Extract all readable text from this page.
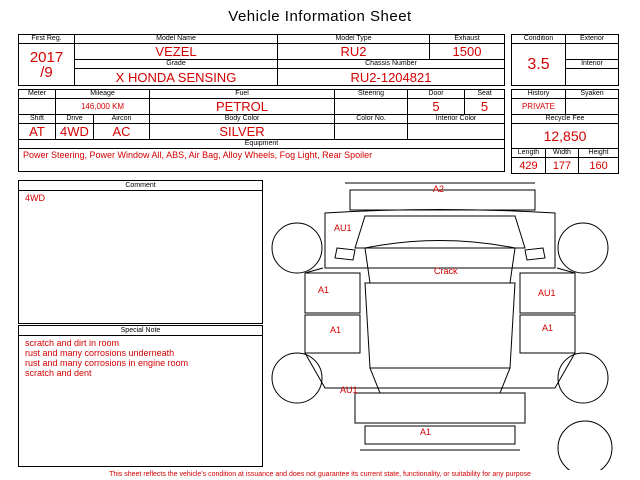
Vehicle Information Sheet
First Reg.	Model Name	Model Type	Exhaust

2017
/9	VEZEL	RU2	1500
	Grade	Chassis Number	
	X HONDA SENSING	RU2-1204821	
Condition	Exterior
3.5	
	Interior

Meter	Mileage		Fuel	Steering	Door	Seat
	146,000 KM		PETROL		5	5
Shift	Drive	Aircon	Body Color	Color No.	Interior Color	
AT	4WD	AC	SILVER			
Equipment						
Power Steering, Power Window All, ABS, Air Bag, Alloy Wheels, Fog Light, Rear Spoiler						
History		Syaken	
PRIVATE			
Recycle Fee			
12,850			
Length	Width		Height
429	177		160
Comment
4WD
Special Note
scratch and dirt in room
rust and many corrosions underneath
rust and many corrosions in engine room
scratch and dent
A2
AU1
Crack
A1	AU1
A1	A1
AU1
A1
This sheet reflects the vehicle's condition at issuance and does not guarantee its current state, functionality, or suitability for any purpose
